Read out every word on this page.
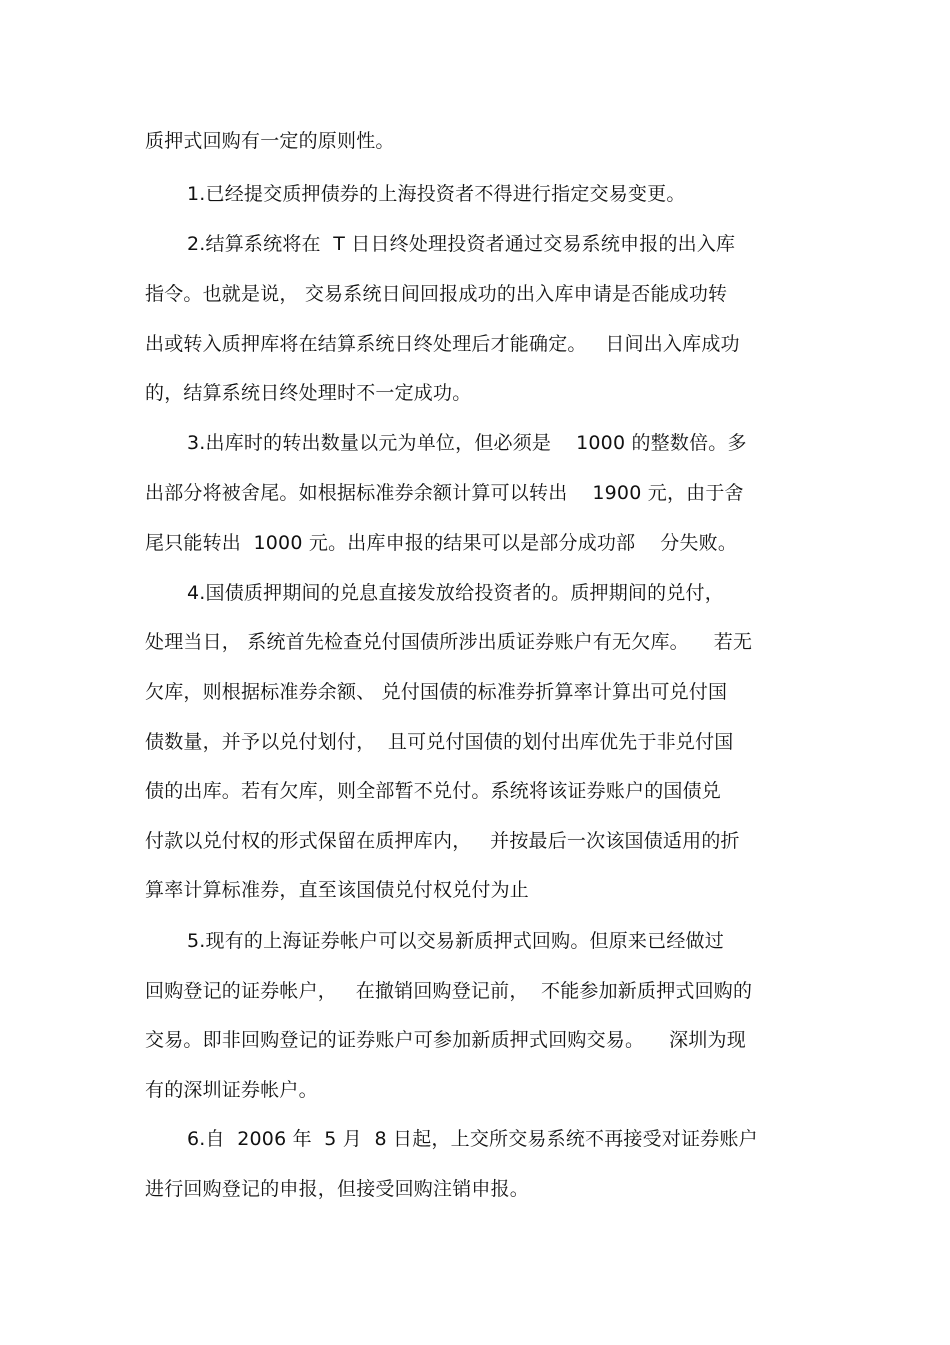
质押式回购有一定的原则性。
1.已经提交质押债券的上海投资者不得进行指定交易变更。
2.结算系统将在  T 日日终处理投资者通过交易系统申报的出入库
指令。也就是说， 交易系统日间回报成功的出入库申请是否能成功转
出或转入质押库将在结算系统日终处理后才能确定。   日间出入库成功
的，结算系统日终处理时不一定成功。
3.出库时的转出数量以元为单位，但必须是    1000 的整数倍。多
出部分将被舍尾。如根据标准券余额计算可以转出    1900 元，由于舍
尾只能转出  1000 元。出库申报的结果可以是部分成功部    分失败。
4.国债质押期间的兑息直接发放给投资者的。质押期间的兑付，
处理当日， 系统首先检查兑付国债所涉出质证券账户有无欠库。    若无
欠库，则根据标准券余额、 兑付国债的标准券折算率计算出可兑付国
债数量，并予以兑付划付，  且可兑付国债的划付出库优先于非兑付国
债的出库。若有欠库，则全部暂不兑付。系统将该证券账户的国债兑
付款以兑付权的形式保留在质押库内，   并按最后一次该国债适用的折
算率计算标准券，直至该国债兑付权兑付为止
5.现有的上海证券帐户可以交易新质押式回购。但原来已经做过
回购登记的证券帐户，   在撤销回购登记前，  不能参加新质押式回购的
交易。即非回购登记的证券账户可参加新质押式回购交易。    深圳为现
有的深圳证券帐户。
6.自  2006 年  5 月  8 日起，上交所交易系统不再接受对证券账户
进行回购登记的申报，但接受回购注销申报。
